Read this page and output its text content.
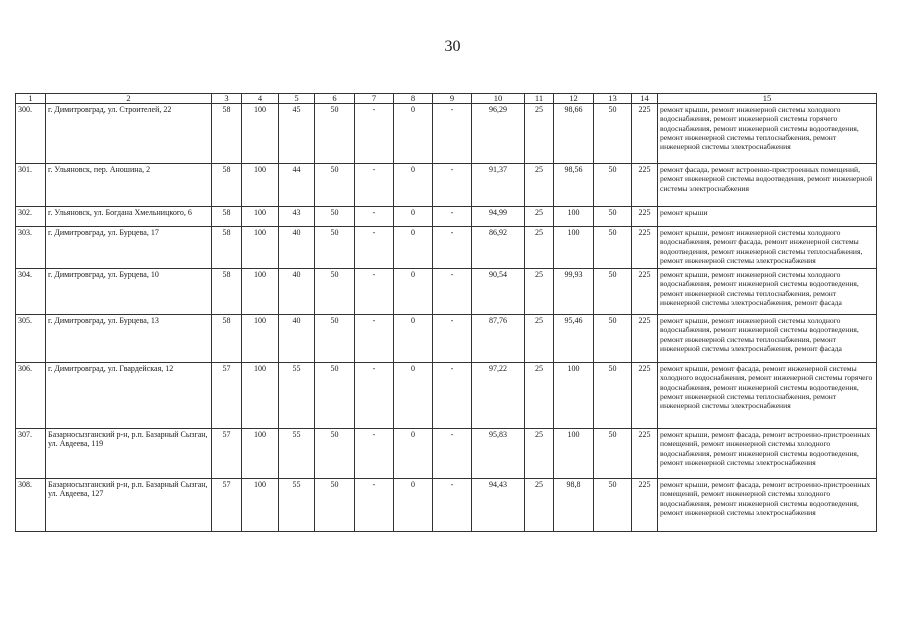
30
1	2	3	4	5	6	7	8	9	10	11	12	13	14	15
300.	г. Димитровград, ул. Строителей, 22	58	100	45	50	-	0	-	96,29	25	98,66	50	225	ремонт крыши, ремонт инженерной системы холодного водоснабжения, ремонт инженерной системы горячего водоснабжения, ремонт инженерной системы водоотведения, ремонт инженерной системы теплоснабжения, ремонт инженерной системы электроснабжения
301.	г. Ульяновск, пер. Аношина, 2	58	100	44	50	-	0	-	91,37	25	98,56	50	225	ремонт фасада, ремонт встроенно-пристроенных помещений, ремонт инженерной системы водоотведения, ремонт инженерной системы электроснабжения
302.	г. Ульяновск, ул. Богдана Хмельницкого, 6	58	100	43	50	-	0	-	94,99	25	100	50	225	ремонт крыши
303.	г. Димитровград, ул. Бурцева, 17	58	100	40	50	-	0	-	86,92	25	100	50	225	ремонт крыши, ремонт инженерной системы холодного водоснабжения, ремонт фасада, ремонт инженерной системы водоотведения, ремонт инженерной системы теплоснабжения, ремонт инженерной системы электроснабжения
304.	г. Димитровград, ул. Бурцева, 10	58	100	40	50	-	0	-	90,54	25	99,93	50	225	ремонт крыши, ремонт инженерной системы холодного водоснабжения, ремонт инженерной системы водоотведения, ремонт инженерной системы теплоснабжения, ремонт инженерной системы электроснабжения, ремонт фасада
305.	г. Димитровград, ул. Бурцева, 13	58	100	40	50	-	0	-	87,76	25	95,46	50	225	ремонт крыши, ремонт инженерной системы холодного водоснабжения, ремонт инженерной системы водоотведения, ремонт инженерной системы теплоснабжения, ремонт инженерной системы электроснабжения, ремонт фасада
306.	г. Димитровград, ул. Гвардейская, 12	57	100	55	50	-	0	-	97,22	25	100	50	225	ремонт крыши, ремонт фасада, ремонт инженерной системы холодного водоснабжения, ремонт инженерной системы горячего водоснабжения, ремонт инженерной системы водоотведения, ремонт инженерной системы теплоснабжения, ремонт инженерной системы электроснабжения
307.	Базарносызганский р-н, р.п. Базарный Сызган, ул. Авдеева, 119	57	100	55	50	-	0	-	95,83	25	100	50	225	ремонт крыши, ремонт фасада, ремонт встроенно-пристроенных помещений, ремонт инженерной системы холодного водоснабжения, ремонт инженерной системы водоотведения, ремонт инженерной системы электроснабжения
308.	Базарносызганский р-н, р.п. Базарный Сызган, ул. Авдеева, 127	57	100	55	50	-	0	-	94,43	25	98,8	50	225	ремонт крыши, ремонт фасада, ремонт встроенно-пристроенных помещений, ремонт инженерной системы холодного водоснабжения, ремонт инженерной системы водоотведения, ремонт инженерной системы электроснабжения
